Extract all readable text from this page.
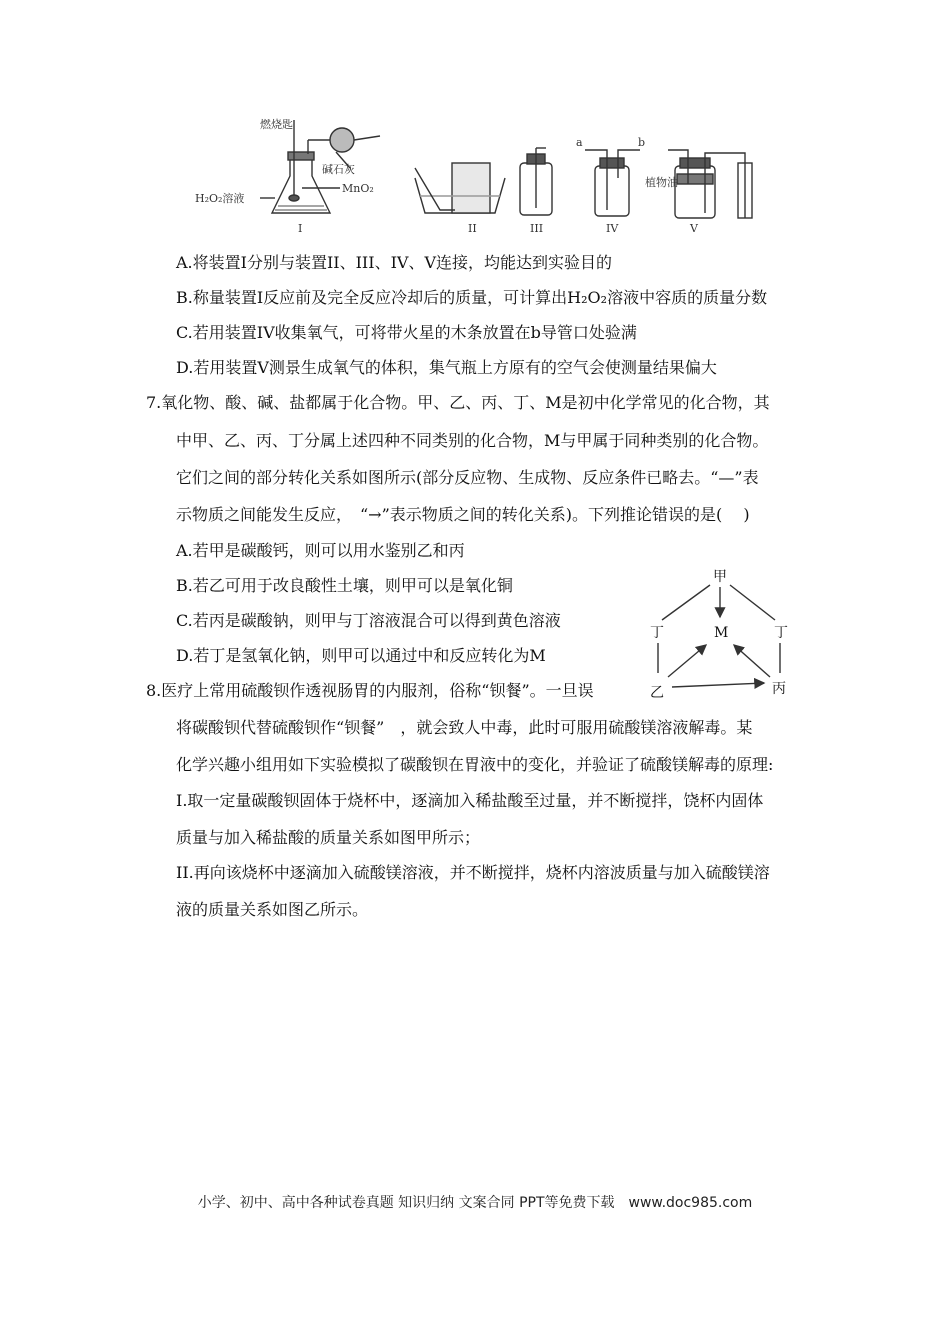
燃烧匙
碱石灰
MnO₂
H₂O₂溶液
植物油
a	b
I	II	III	IV	V
A.将装置I分别与装置II、III、IV、V连接，均能达到实验目的
B.称量装置I反应前及完全反应冷却后的质量，可计算出H₂O₂溶液中容质的质量分数
C.若用装置IV收集氧气，可将带火星的木条放置在b导管口处验满
D.若用装置V测景生成氧气的体积，集气瓶上方原有的空气会使测量结果偏大
7.氧化物、酸、碱、盐都属于化合物。甲、乙、丙、丁、M是初中化学常见的化合物，其
中甲、乙、丙、丁分属上述四种不同类别的化合物，M与甲属于同种类别的化合物。
它们之间的部分转化关系如图所示(部分反应物、生成物、反应条件已略去。“—”表
示物质之间能发生反应，　“→”表示物质之间的转化关系)。下列推论错误的是(　 )
A.若甲是碳酸钙，则可以用水鉴别乙和丙
B.若乙可用于改良酸性土壤，则甲可以是氧化铜
C.若丙是碳酸钠，则甲与丁溶液混合可以得到黄色溶液
D.若丁是氢氧化钠，则甲可以通过中和反应转化为M
甲
丁	丁
M
乙	丙
8.医疗上常用硫酸钡作透视肠胃的内服剂，俗称“钡餐”。一旦误
将碳酸钡代替硫酸钡作“钡餐”　，就会致人中毒，此时可服用硫酸镁溶液解毒。某
化学兴趣小组用如下实验模拟了碳酸钡在胃液中的变化，并验证了硫酸镁解毒的原理:
I.取一定量碳酸钡固体于烧杯中，逐滴加入稀盐酸至过量，并不断搅拌，饶杯内固体
质量与加入稀盐酸的质量关系如图甲所示；
II.再向该烧杯中逐滴加入硫酸镁溶液，并不断搅拌，烧杯内溶波质量与加入硫酸镁溶
液的质量关系如图乙所示。
小学、初中、高中各种试卷真题 知识归纳 文案合同 PPT等免费下载　www.doc985.com
